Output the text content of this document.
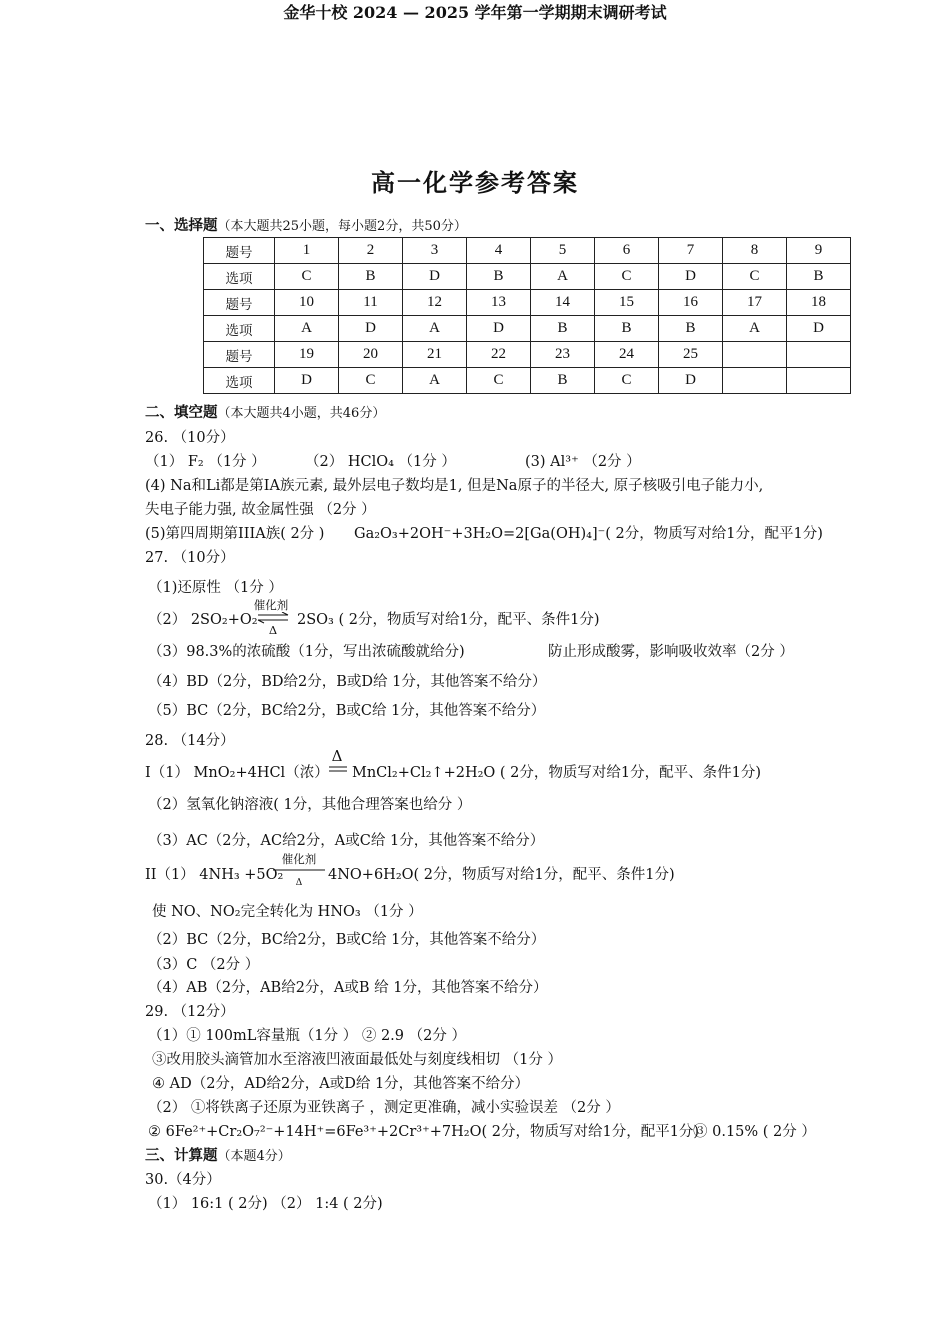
金华十校 2024 — 2025 学年第一学期期末调研考试
高一化学参考答案
一、选择题（本大题共25小题，每小题2分，共50分）
题号	1	2	3	4	5	6	7	8	9
选项	C	B	D	B	A	C	D	C	B
题号	10	11	12	13	14	15	16	17	18
选项	A	D	A	D	B	B	B	A	D
题号	19	20	21	22	23	24	25		
选项	D	C	A	C	B	C	D		
二、填空题（本大题共4小题，共46分）
26. （10分）
（1） F₂ （1分 ）	（2） HClO₄ （1分 ）	(3) Al³⁺ （2分 ）
(4) Na和Li都是第IA族元素, 最外层电子数均是1, 但是Na原子的半径大, 原子核吸引电子能力小,
失电子能力强, 故金属性强 （2分 ）
(5)第四周期第IIIA族( 2分 ) Ga₂O₃+2OH⁻+3H₂O=2[Ga(OH)₄]⁻( 2分，物质写对给1分，配平1分)
27. （10分）
（1)还原性 （1分 ）
（2） 2SO₂+O₂
催化剂
Δ
2SO₃ ( 2分，物质写对给1分，配平、条件1分)
（3）98.3%的浓硫酸（1分，写出浓硫酸就给分)	防止形成酸雾，影响吸收效率（2分 ）
（4）BD（2分，BD给2分，B或D给 1分，其他答案不给分）
（5）BC（2分，BC给2分，B或C给 1分，其他答案不给分）
28. （14分）
I（1） MnO₂+4HCl（浓）
Δ
MnCl₂+Cl₂↑+2H₂O ( 2分，物质写对给1分，配平、条件1分)
（2）氢氧化钠溶液( 1分，其他合理答案也给分 ）
（3）AC（2分，AC给2分，A或C给 1分，其他答案不给分）
II（1） 4NH₃ +5O₂
催化剂
Δ	4NO+6H₂O( 2分，物质写对给1分，配平、条件1分)
使 NO、NO₂完全转化为 HNO₃ （1分 ）
（2）BC（2分，BC给2分，B或C给 1分，其他答案不给分）
（3）C （2分 ）
（4）AB（2分，AB给2分，A或B 给 1分，其他答案不给分）
29. （12分）
（1）① 100mL容量瓶（1分 ） ② 2.9 （2分 ）
③改用胶头滴管加水至溶液凹液面最低处与刻度线相切 （1分 ）
④ AD（2分，AD给2分，A或D给 1分，其他答案不给分）
（2） ①将铁离子还原为亚铁离子 ，测定更准确，减小实验误差 （2分 ）
② 6Fe²⁺+Cr₂O₇²⁻+14H⁺=6Fe³⁺+2Cr³⁺+7H₂O( 2分，物质写对给1分，配平1分)
③ 0.15% ( 2分 ）
三、计算题（本题4分）
30.（4分）
（1） 16:1 ( 2分) （2） 1:4 ( 2分)
